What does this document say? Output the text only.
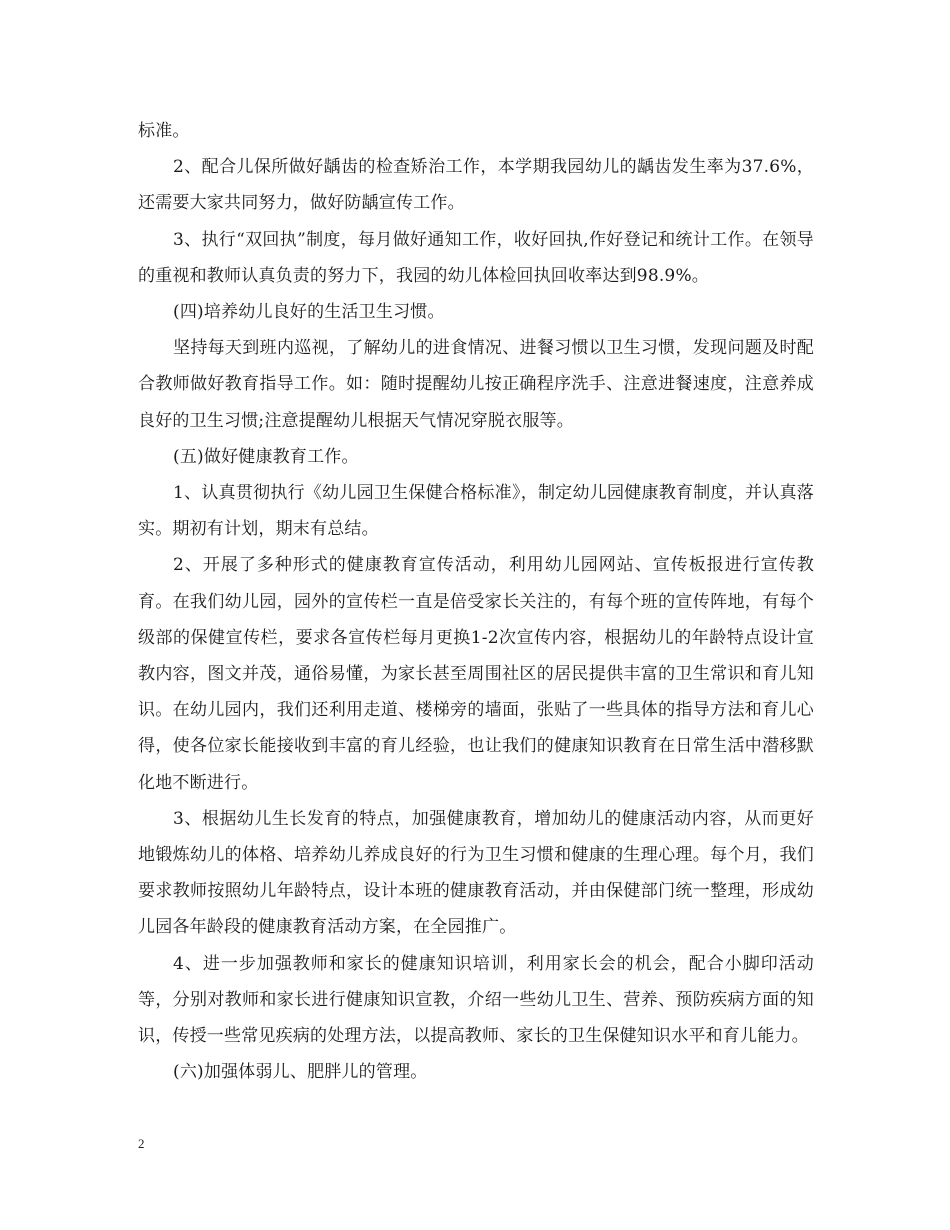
标准。

2、配合儿保所做好龋齿的检查矫治工作，本学期我园幼儿的龋齿发生率为37.6%，还需要大家共同努力，做好防龋宣传工作。

3、执行“双回执”制度，每月做好通知工作，收好回执,作好登记和统计工作。在领导的重视和教师认真负责的努力下，我园的幼儿体检回执回收率达到98.9%。

(四)培养幼儿良好的生活卫生习惯。

坚持每天到班内巡视，了解幼儿的进食情况、进餐习惯以卫生习惯，发现问题及时配合教师做好教育指导工作。如：随时提醒幼儿按正确程序洗手、注意进餐速度，注意养成良好的卫生习惯;注意提醒幼儿根据天气情况穿脱衣服等。

(五)做好健康教育工作。

1、认真贯彻执行《幼儿园卫生保健合格标准》，制定幼儿园健康教育制度，并认真落实。期初有计划，期末有总结。

2、开展了多种形式的健康教育宣传活动，利用幼儿园网站、宣传板报进行宣传教育。在我们幼儿园，园外的宣传栏一直是倍受家长关注的，有每个班的宣传阵地，有每个级部的保健宣传栏，要求各宣传栏每月更换1-2次宣传内容，根据幼儿的年龄特点设计宣教内容，图文并茂，通俗易懂，为家长甚至周围社区的居民提供丰富的卫生常识和育儿知识。在幼儿园内，我们还利用走道、楼梯旁的墙面，张贴了一些具体的指导方法和育儿心得，使各位家长能接收到丰富的育儿经验，也让我们的健康知识教育在日常生活中潜移默化地不断进行。

3、根据幼儿生长发育的特点，加强健康教育，增加幼儿的健康活动内容，从而更好地锻炼幼儿的体格、培养幼儿养成良好的行为卫生习惯和健康的生理心理。每个月，我们要求教师按照幼儿年龄特点，设计本班的健康教育活动，并由保健部门统一整理，形成幼儿园各年龄段的健康教育活动方案，在全园推广。

4、进一步加强教师和家长的健康知识培训，利用家长会的机会，配合小脚印活动等，分别对教师和家长进行健康知识宣教，介绍一些幼儿卫生、营养、预防疾病方面的知识，传授一些常见疾病的处理方法，以提高教师、家长的卫生保健知识水平和育儿能力。

(六)加强体弱儿、肥胖儿的管理。

2
